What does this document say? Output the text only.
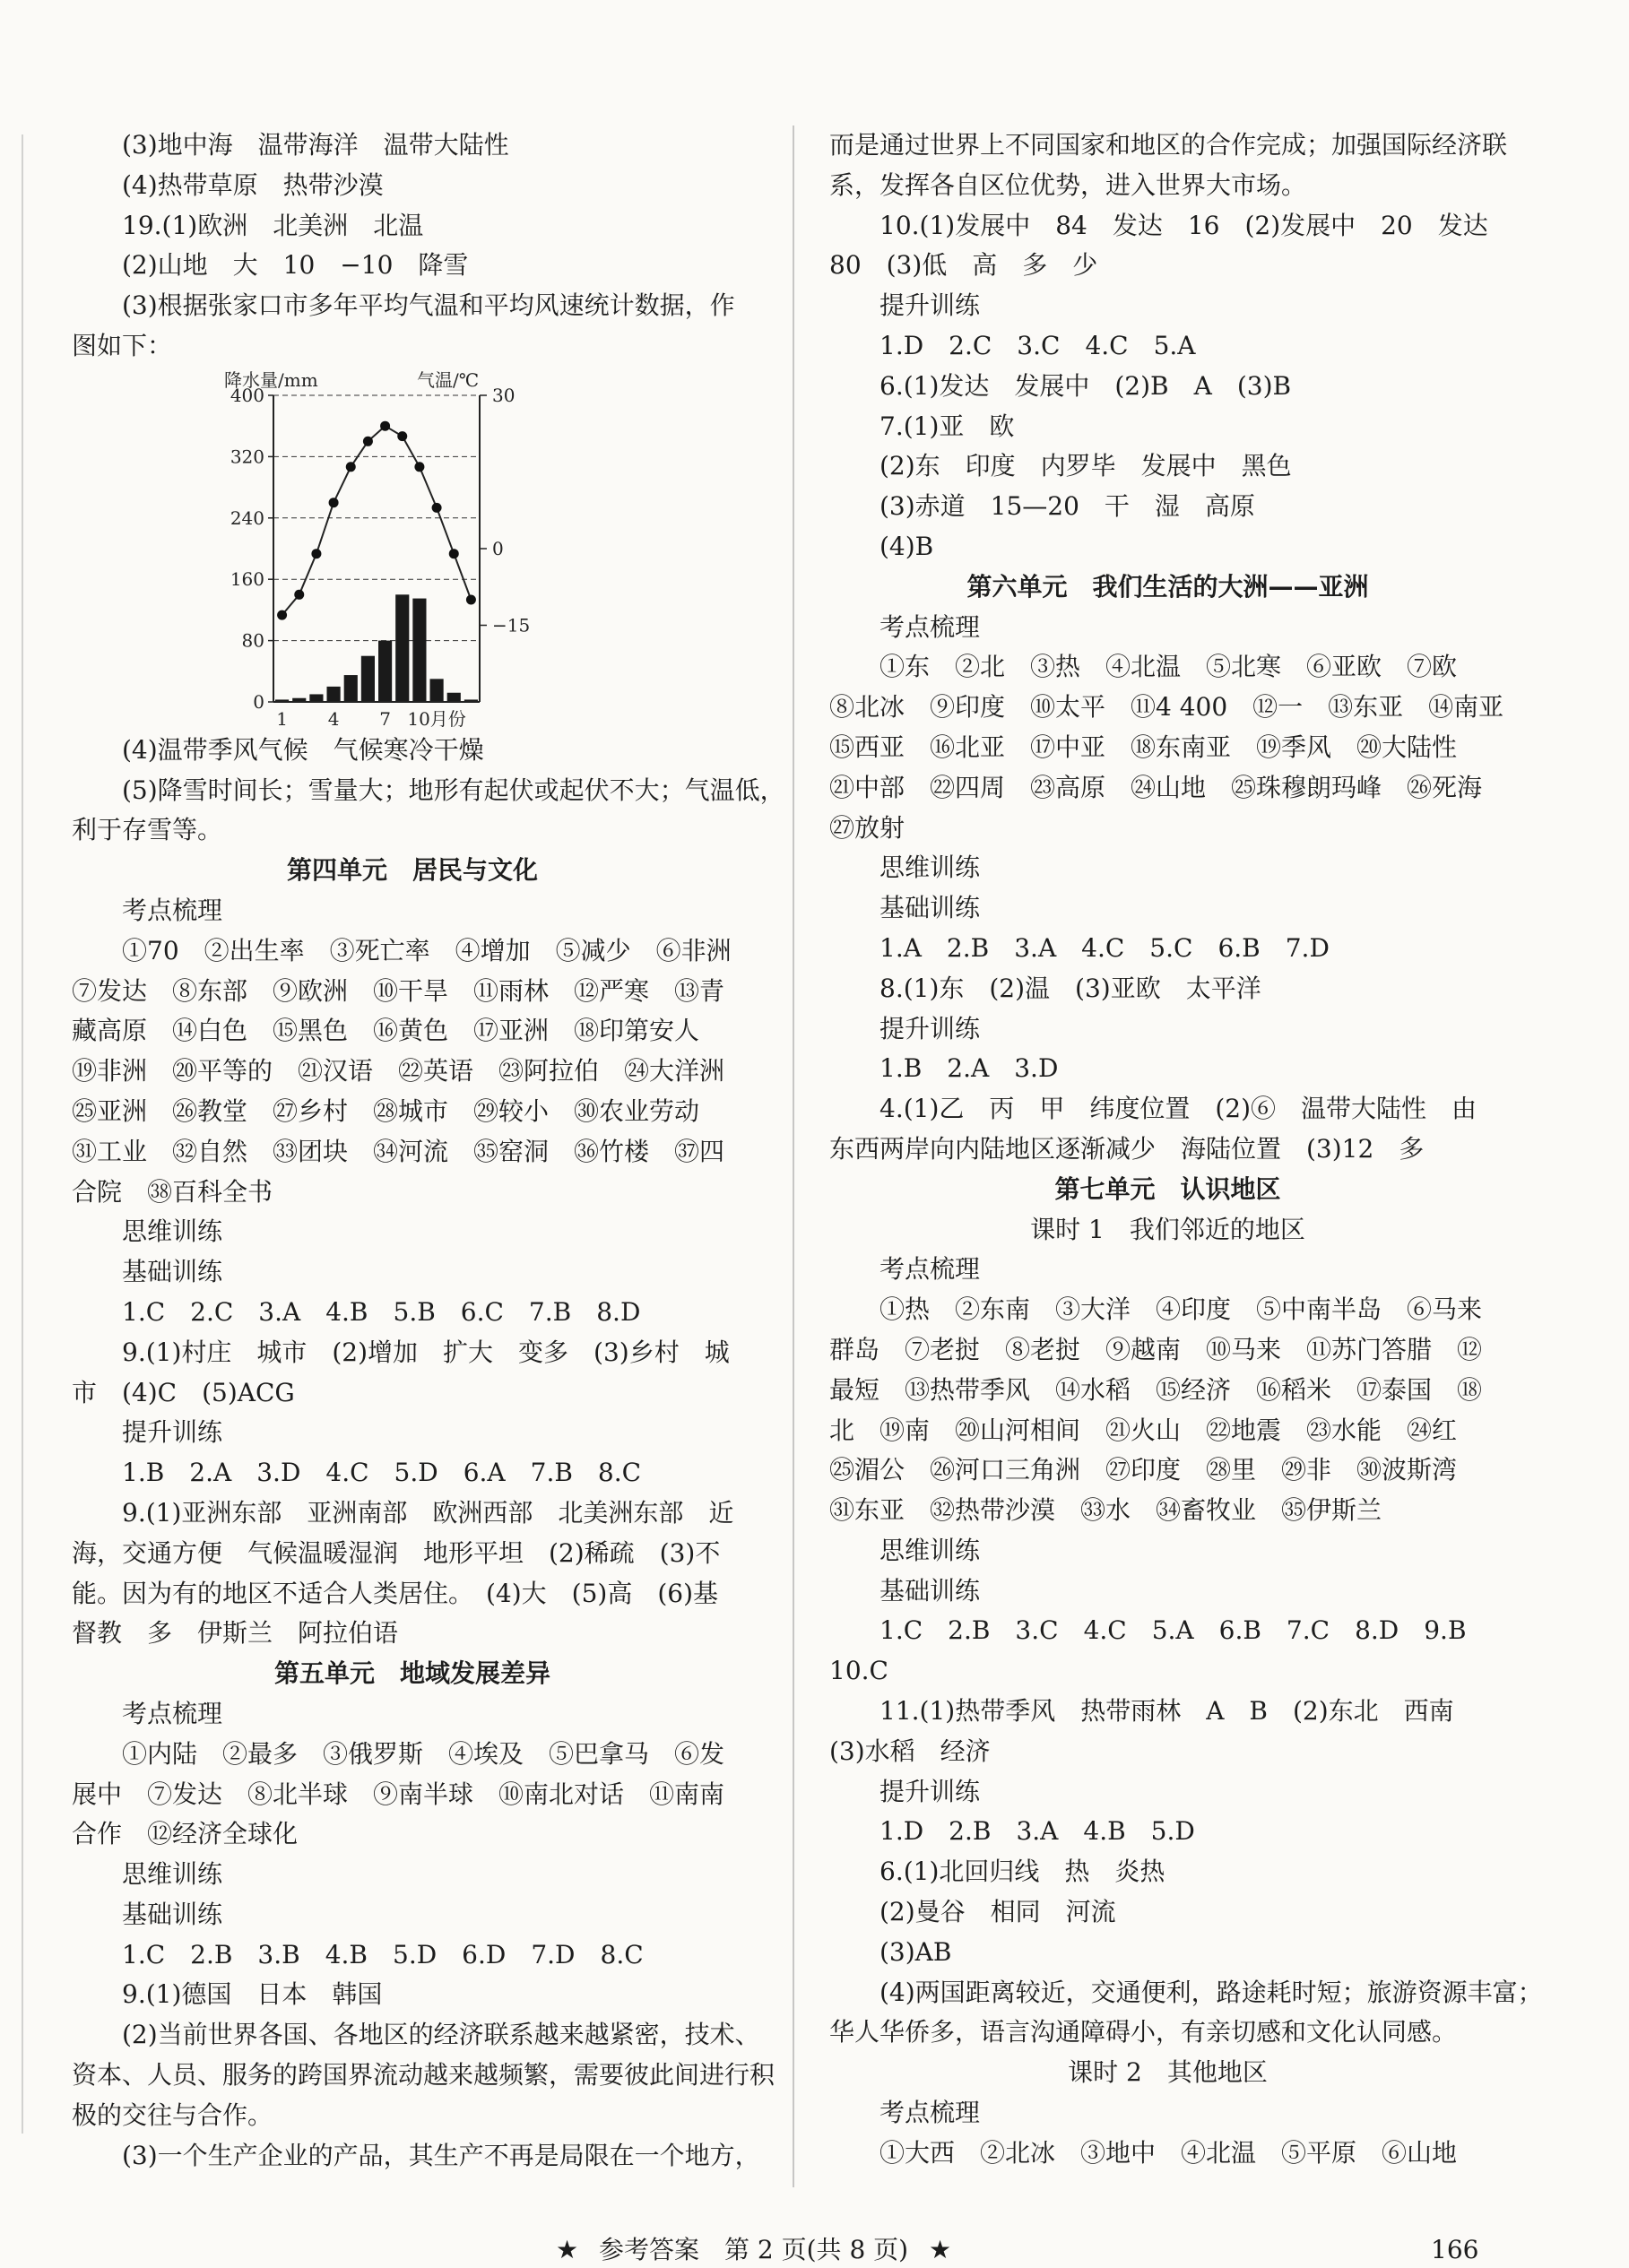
(3)地中海　温带海洋　温带大陆性
(4)热带草原　热带沙漠
19.(1)欧洲　北美洲　北温
(2)山地　大　10　−10　降雪
(3)根据张家口市多年平均气温和平均风速统计数据，作
图如下：
降水量/mm	气温/℃
400
320
240
160
80
0
30
0
−15
1 4 7 10月份
(4)温带季风气候　气候寒冷干燥
(5)降雪时间长；雪量大；地形有起伏或起伏不大；气温低，
利于存雪等。
第四单元　居民与文化
考点梳理
①70　②出生率　③死亡率　④增加　⑤减少　⑥非洲
⑦发达　⑧东部　⑨欧洲　⑩干旱　⑪雨林　⑫严寒　⑬青
藏高原　⑭白色　⑮黑色　⑯黄色　⑰亚洲　⑱印第安人
⑲非洲　⑳平等的　㉑汉语　㉒英语　㉓阿拉伯　㉔大洋洲
㉕亚洲　㉖教堂　㉗乡村　㉘城市　㉙较小　㉚农业劳动
㉛工业　㉜自然　㉝团块　㉞河流　㉟窑洞　㊱竹楼　㊲四
合院　㊳百科全书
思维训练
基础训练
1.C　2.C　3.A　4.B　5.B　6.C　7.B　8.D
9.(1)村庄　城市　(2)增加　扩大　变多　(3)乡村　城
市　(4)C　(5)ACG
提升训练
1.B　2.A　3.D　4.C　5.D　6.A　7.B　8.C
9.(1)亚洲东部　亚洲南部　欧洲西部　北美洲东部　近
海，交通方便　气候温暖湿润　地形平坦　(2)稀疏　(3)不
能。因为有的地区不适合人类居住。　(4)大　(5)高　(6)基
督教　多　伊斯兰　阿拉伯语
第五单元　地域发展差异
考点梳理
①内陆　②最多　③俄罗斯　④埃及　⑤巴拿马　⑥发
展中　⑦发达　⑧北半球　⑨南半球　⑩南北对话　⑪南南
合作　⑫经济全球化
思维训练
基础训练
1.C　2.B　3.B　4.B　5.D　6.D　7.D　8.C
9.(1)德国　日本　韩国
(2)当前世界各国、各地区的经济联系越来越紧密，技术、
资本、人员、服务的跨国界流动越来越频繁，需要彼此间进行积
极的交往与合作。
(3)一个生产企业的产品，其生产不再是局限在一个地方，
而是通过世界上不同国家和地区的合作完成；加强国际经济联
系，发挥各自区位优势，进入世界大市场。
10.(1)发展中　84　发达　16　(2)发展中　20　发达
80　(3)低　高　多　少
提升训练
1.D　2.C　3.C　4.C　5.A
6.(1)发达　发展中　(2)B　A　(3)B
7.(1)亚　欧
(2)东　印度　内罗毕　发展中　黑色
(3)赤道　15—20　干　湿　高原
(4)B
第六单元　我们生活的大洲——亚洲
考点梳理
①东　②北　③热　④北温　⑤北寒　⑥亚欧　⑦欧
⑧北冰　⑨印度　⑩太平　⑪4 400　⑫一　⑬东亚　⑭南亚
⑮西亚　⑯北亚　⑰中亚　⑱东南亚　⑲季风　⑳大陆性
㉑中部　㉒四周　㉓高原　㉔山地　㉕珠穆朗玛峰　㉖死海
㉗放射
思维训练
基础训练
1.A　2.B　3.A　4.C　5.C　6.B　7.D
8.(1)东　(2)温　(3)亚欧　太平洋
提升训练
1.B　2.A　3.D
4.(1)乙　丙　甲　纬度位置　(2)⑥　温带大陆性　由
东西两岸向内陆地区逐渐减少　海陆位置　(3)12　多
第七单元　认识地区
课时 1　我们邻近的地区
考点梳理
①热　②东南　③大洋　④印度　⑤中南半岛　⑥马来
群岛　⑦老挝　⑧老挝　⑨越南　⑩马来　⑪苏门答腊　⑫
最短　⑬热带季风　⑭水稻　⑮经济　⑯稻米　⑰泰国　⑱
北　⑲南　⑳山河相间　㉑火山　㉒地震　㉓水能　㉔红
㉕湄公　㉖河口三角洲　㉗印度　㉘里　㉙非　㉚波斯湾
㉛东亚　㉜热带沙漠　㉝水　㉞畜牧业　㉟伊斯兰
思维训练
基础训练
1.C　2.B　3.C　4.C　5.A　6.B　7.C　8.D　9.B
10.C
11.(1)热带季风　热带雨林　A　B　(2)东北　西南
(3)水稻　经济
提升训练
1.D　2.B　3.A　4.B　5.D
6.(1)北回归线　热　炎热
(2)曼谷　相同　河流
(3)AB
(4)两国距离较近，交通便利，路途耗时短；旅游资源丰富；
华人华侨多，语言沟通障碍小，有亲切感和文化认同感。
课时 2　其他地区
考点梳理
①大西　②北冰　③地中　④北温　⑤平原　⑥山地
★ 参考答案　第 2 页(共 8 页) ★	166
